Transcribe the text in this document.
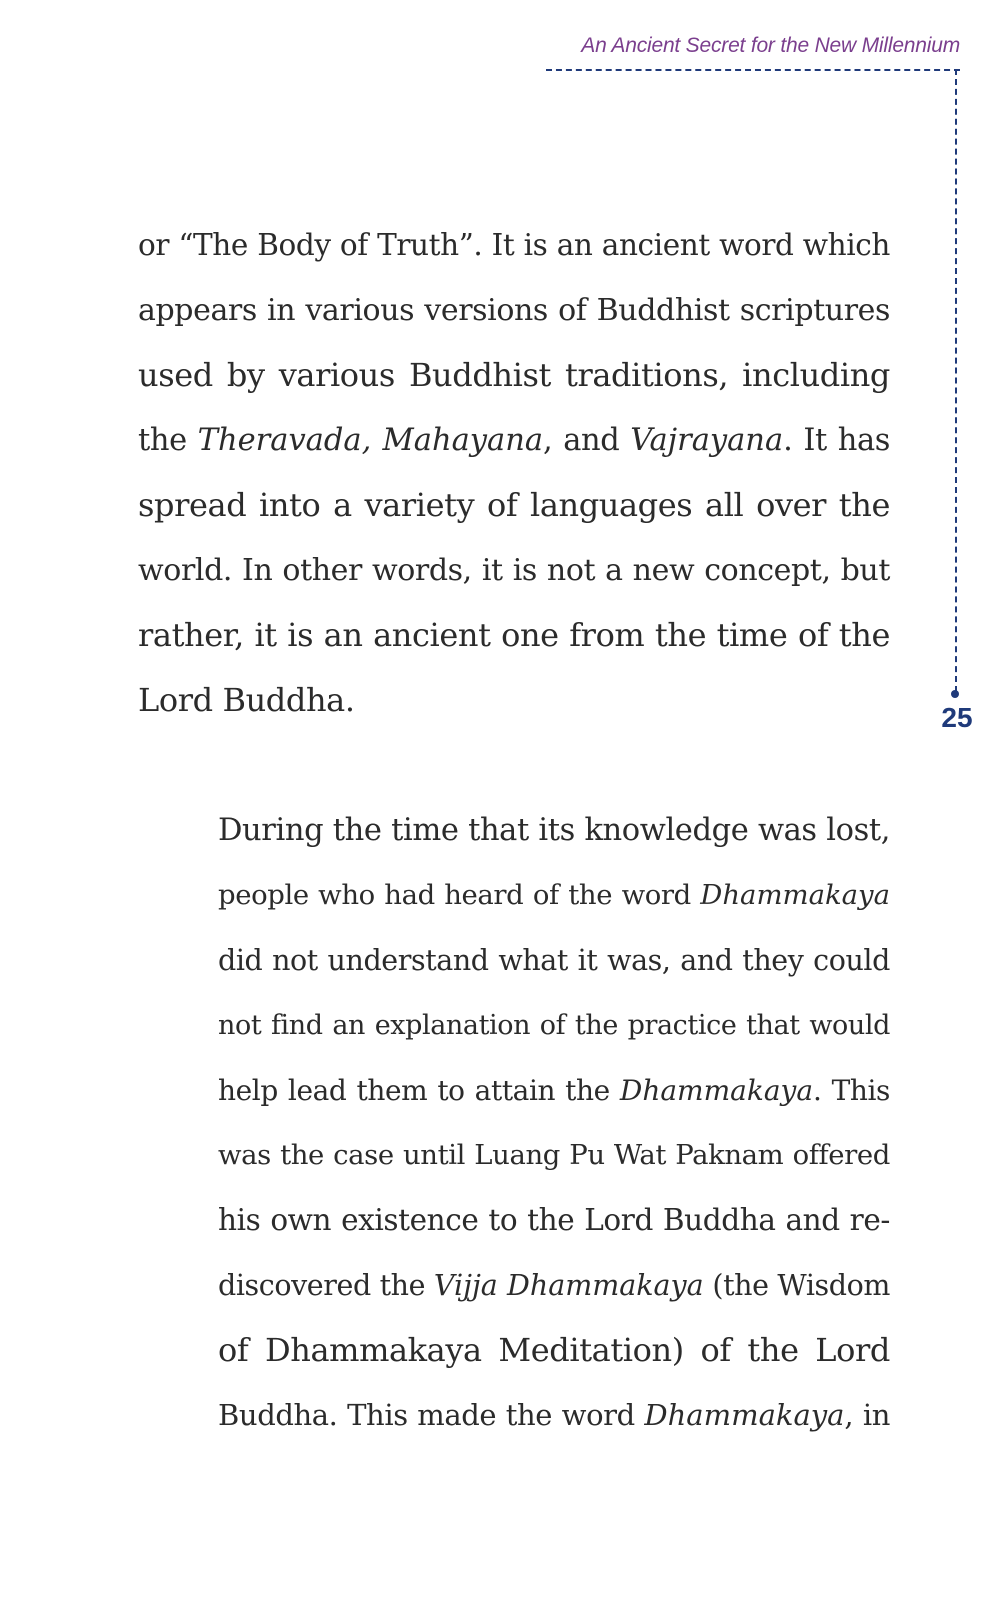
An Ancient Secret for the New Millennium
25
or “The Body of Truth”. It is an ancient word which
appears in various versions of Buddhist scriptures
used by various Buddhist traditions, including
the Theravada, Mahayana, and Vajrayana. It has
spread into a variety of languages all over the
world. In other words, it is not a new concept, but
rather, it is an ancient one from the time of the
Lord Buddha.
During the time that its knowledge was lost,
people who had heard of the word Dhammakaya
did not understand what it was, and they could
not find an explanation of the practice that would
help lead them to attain the Dhammakaya. This
was the case until Luang Pu Wat Paknam offered
his own existence to the Lord Buddha and re-
discovered the Vijja Dhammakaya (the Wisdom
of Dhammakaya Meditation) of the Lord
Buddha. This made the word Dhammakaya, in
